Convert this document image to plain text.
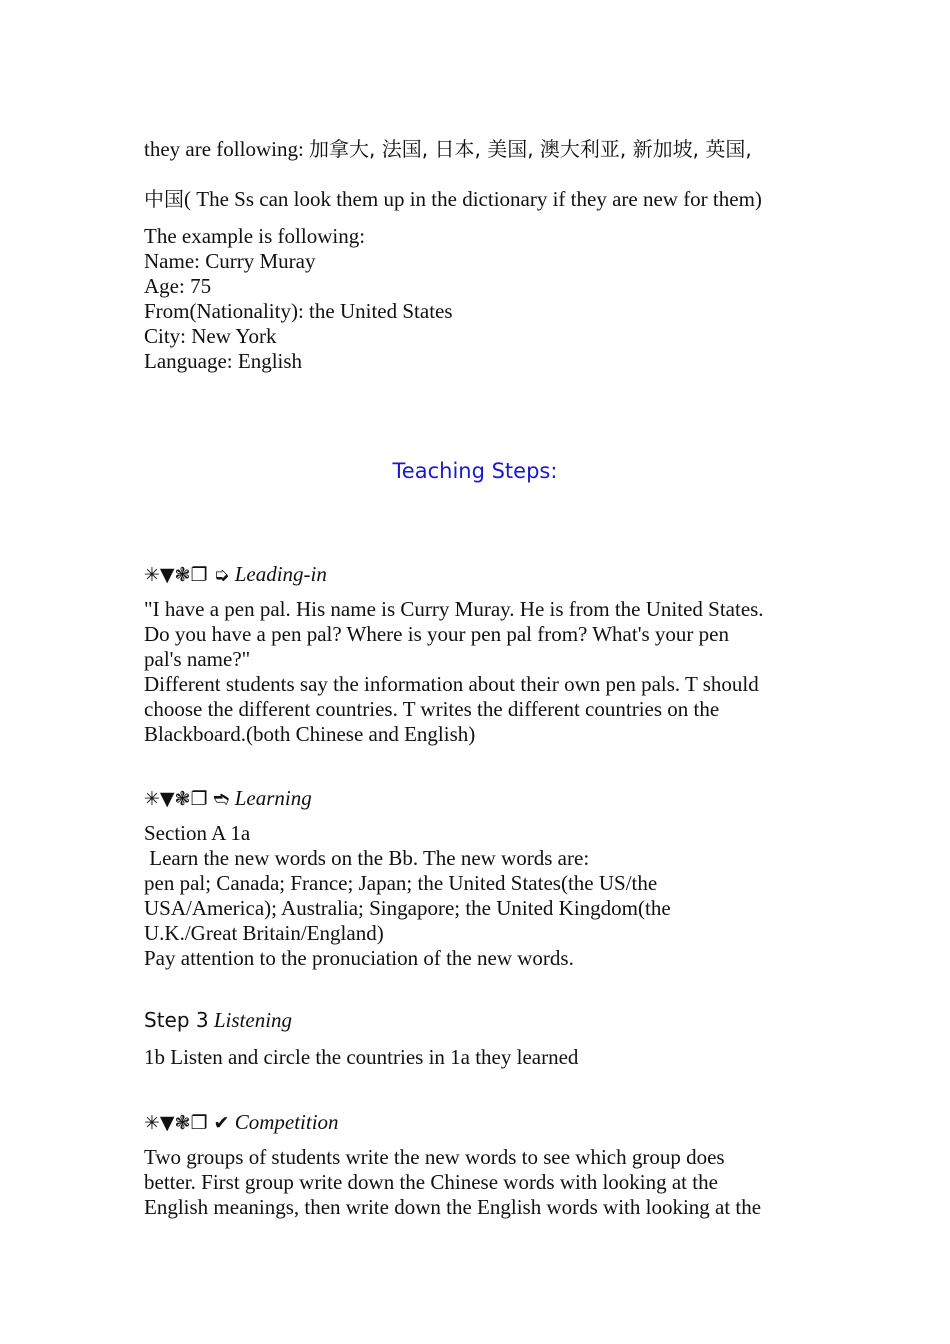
they are following: 加拿大, 法国, 日本, 美国, 澳大利亚, 新加坡, 英国,
中国( The Ss can look them up in the dictionary if they are new for them)
The example is following:
Name: Curry Muray
Age: 75
From(Nationality): the United States
City: New York
Language: English
Teaching Steps:
✳▼❃❐ ➭ Leading-in
"I have a pen pal. His name is Curry Muray. He is from the United States.
Do you have a pen pal? Where is your pen pal from? What's your pen
pal's name?"
Different students say the information about their own pen pals. T should
choose the different countries. T writes the different countries on the
Blackboard.(both Chinese and English)
✳▼❃❐ ➬ Learning
Section A 1a
Learn the new words on the Bb. The new words are:
pen pal; Canada; France; Japan; the United States(the US/the
USA/America); Australia; Singapore; the United Kingdom(the
U.K./Great Britain/England)
Pay attention to the pronuciation of the new words.
Step 3 Listening
1b Listen and circle the countries in 1a they learned
✳▼❃❐ ✔ Competition
Two groups of students write the new words to see which group does
better. First group write down the Chinese words with looking at the
English meanings, then write down the English words with looking at the
